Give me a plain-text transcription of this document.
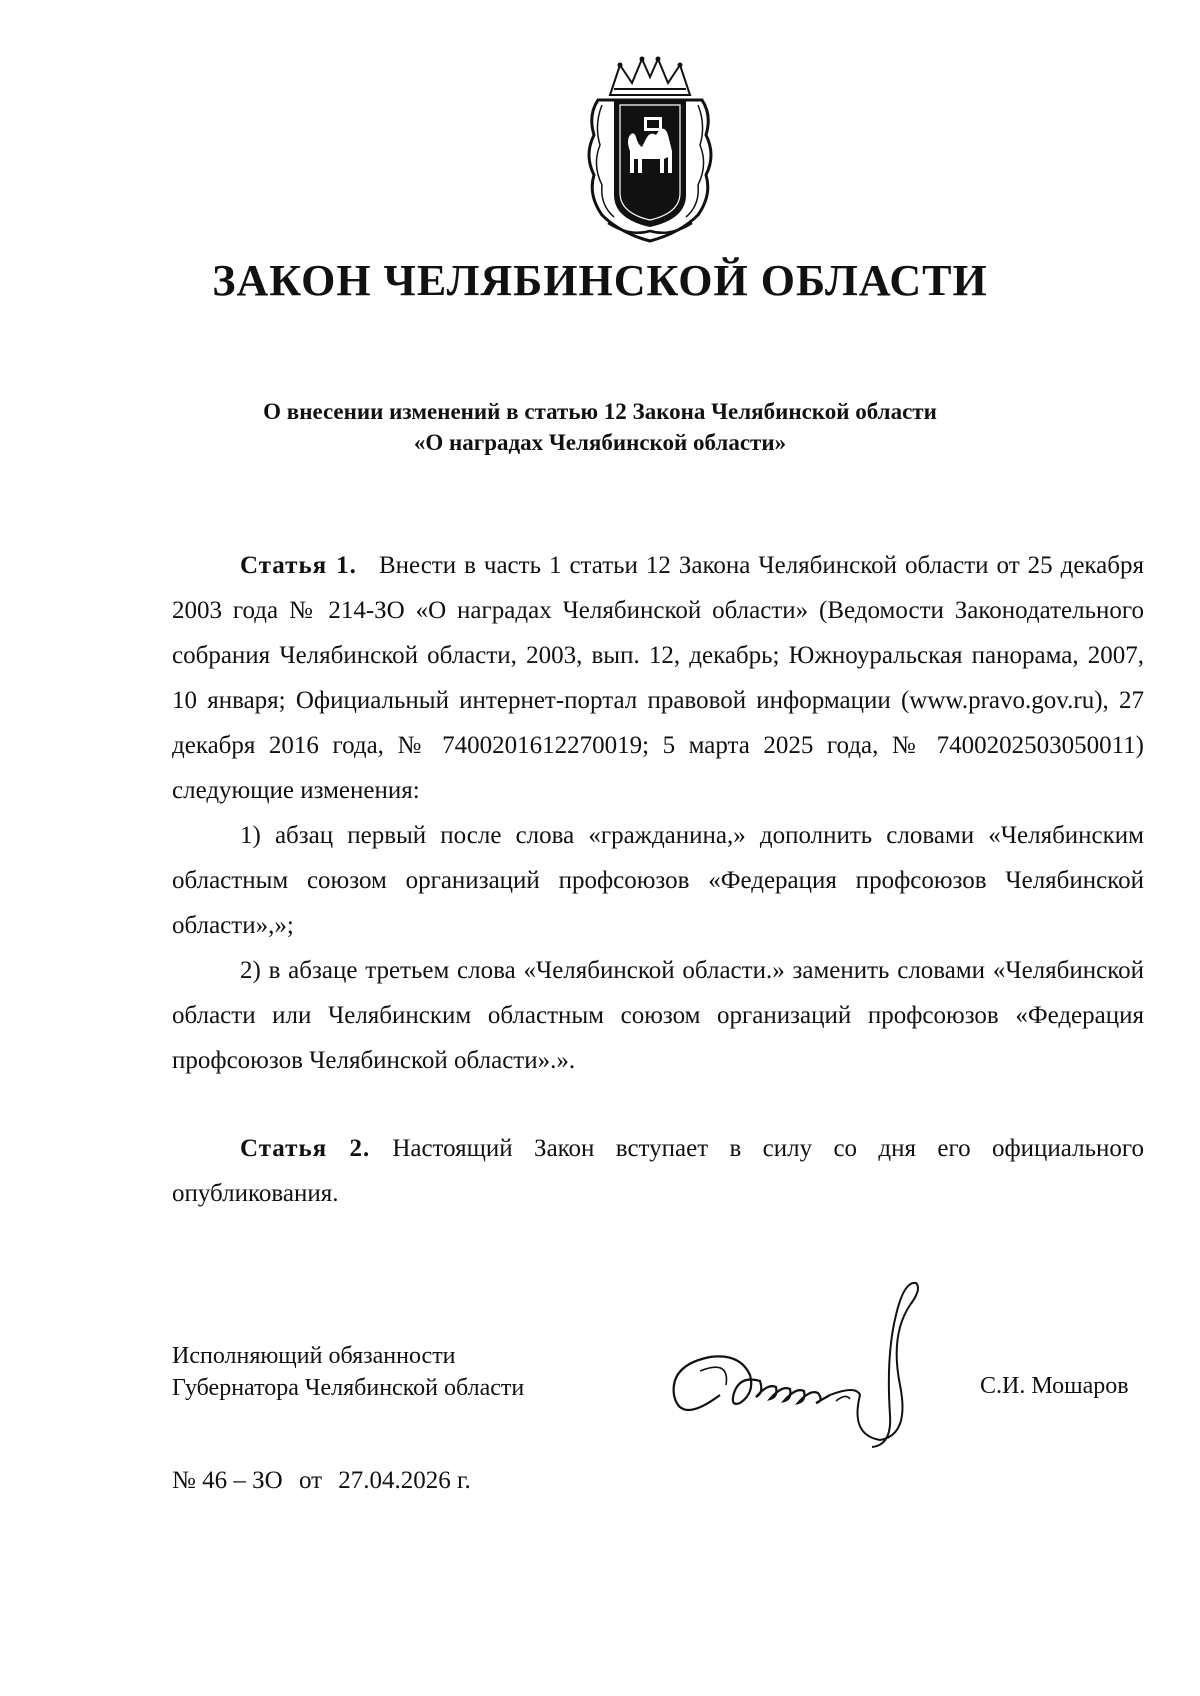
ЗАКОН ЧЕЛЯБИНСКОЙ ОБЛАСТИ
О внесении изменений в статью 12 Закона Челябинской области
«О наградах Челябинской области»

Статья 1. Внести в часть 1 статьи 12 Закона Челябинской области от 25 декабря 2003 года № 214-ЗО «О наградах Челябинской области» (Ведомости Законодательного собрания Челябинской области, 2003, вып. 12, декабрь; Южноуральская панорама, 2007, 10 января; Официальный интернет-портал правовой информации (www.pravo.gov.ru), 27 декабря 2016 года, № 7400201612270019; 5 марта 2025 года, № 7400202503050011) следующие изменения:

1) абзац первый после слова «гражданина,» дополнить словами «Челябинским областным союзом организаций профсоюзов «Федерация профсоюзов Челябинской области»,»;

2) в абзаце третьем слова «Челябинской области.» заменить словами «Челябинской области или Челябинским областным союзом организаций профсоюзов «Федерация профсоюзов Челябинской области».».

Статья 2. Настоящий Закон вступает в силу со дня его официального опубликования.

Исполняющий обязанности
Губернатора Челябинской области	С.И. Мошаров
№ 46 – ЗО от 27.04.2026 г.
